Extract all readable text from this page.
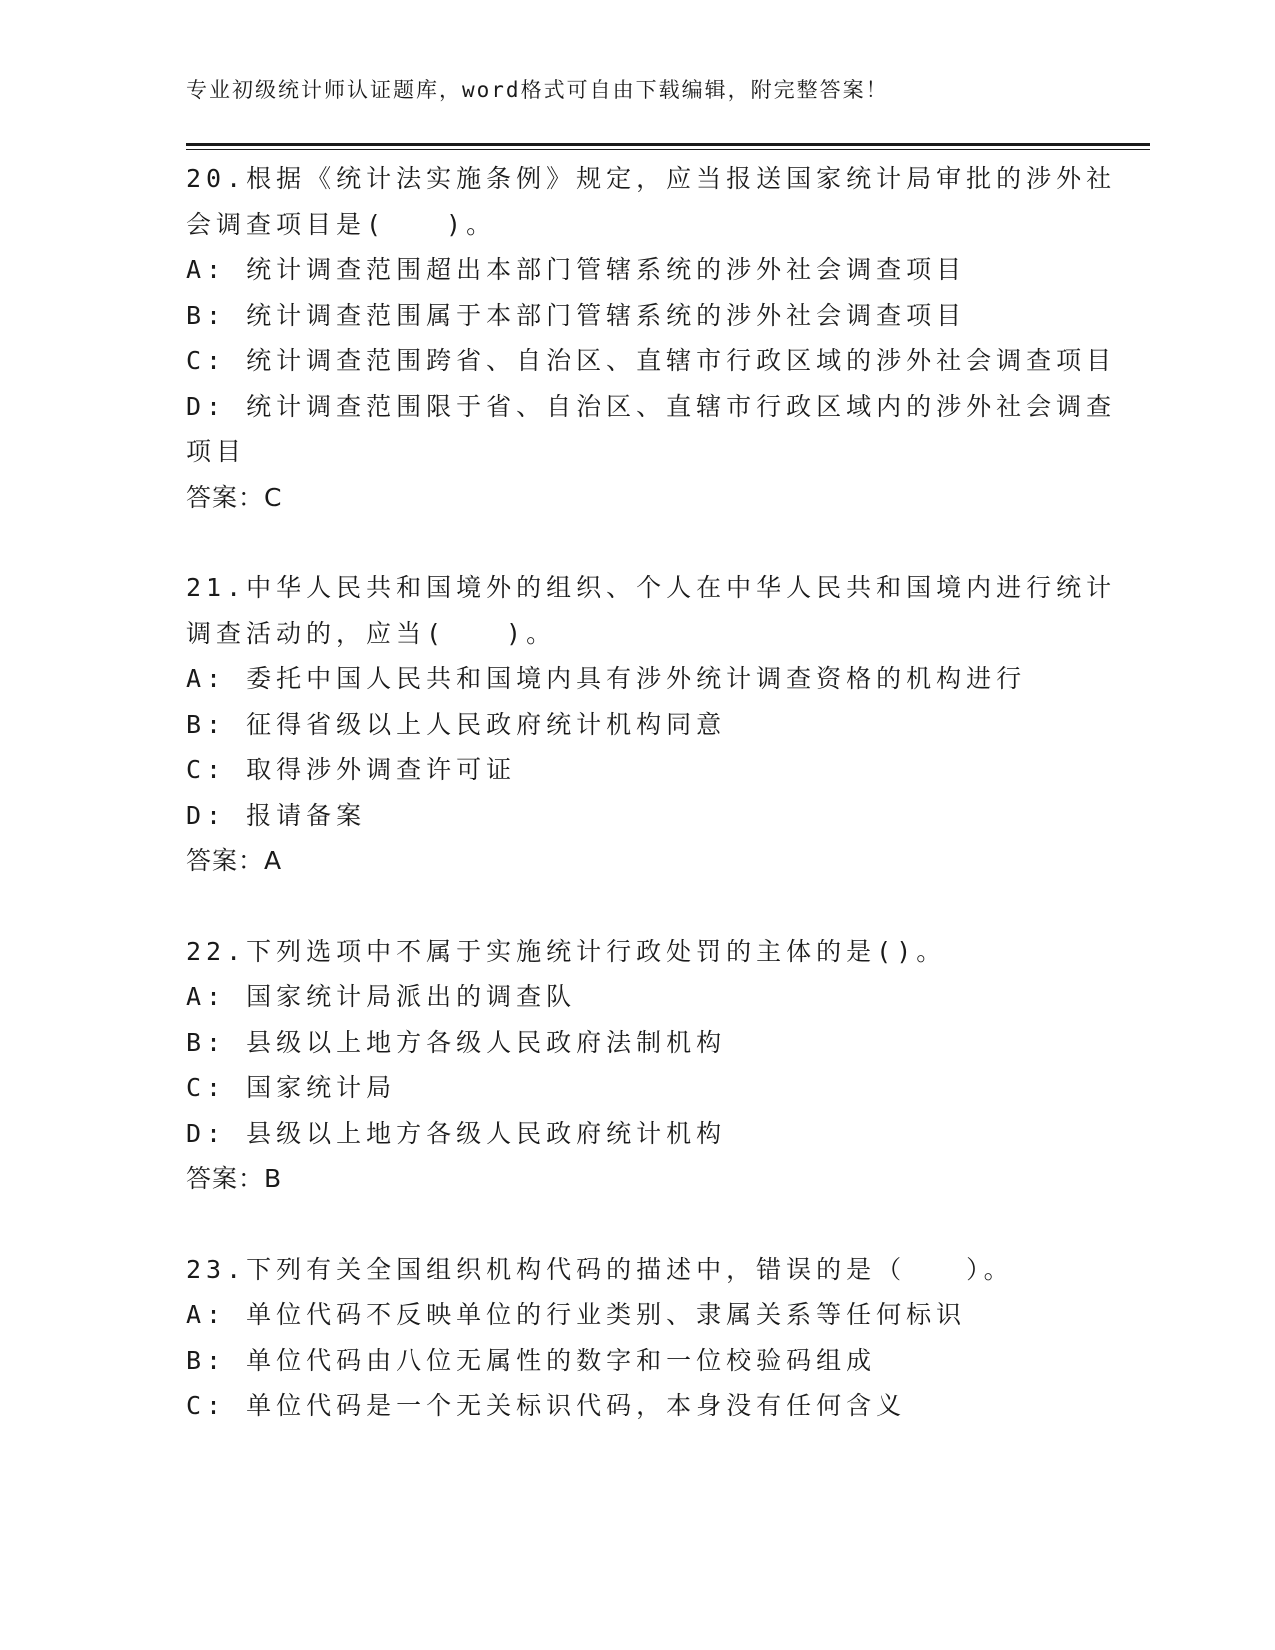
专业初级统计师认证题库，word格式可自由下载编辑，附完整答案！
20.根据《统计法实施条例》规定，应当报送国家统计局审批的涉外社
会调查项目是(　　)。
A: 统计调查范围超出本部门管辖系统的涉外社会调查项目
B: 统计调查范围属于本部门管辖系统的涉外社会调查项目
C: 统计调查范围跨省、自治区、直辖市行政区域的涉外社会调查项目
D: 统计调查范围限于省、自治区、直辖市行政区域内的涉外社会调查
项目
答案：C
21.中华人民共和国境外的组织、个人在中华人民共和国境内进行统计
调查活动的，应当(　　)。
A: 委托中国人民共和国境内具有涉外统计调查资格的机构进行
B: 征得省级以上人民政府统计机构同意
C: 取得涉外调查许可证
D: 报请备案
答案：A
22.下列选项中不属于实施统计行政处罚的主体的是()。
A: 国家统计局派出的调查队
B: 县级以上地方各级人民政府法制机构
C: 国家统计局
D: 县级以上地方各级人民政府统计机构
答案：B
23.下列有关全国组织机构代码的描述中，错误的是（　　）。
A: 单位代码不反映单位的行业类别、隶属关系等任何标识
B: 单位代码由八位无属性的数字和一位校验码组成
C: 单位代码是一个无关标识代码，本身没有任何含义
